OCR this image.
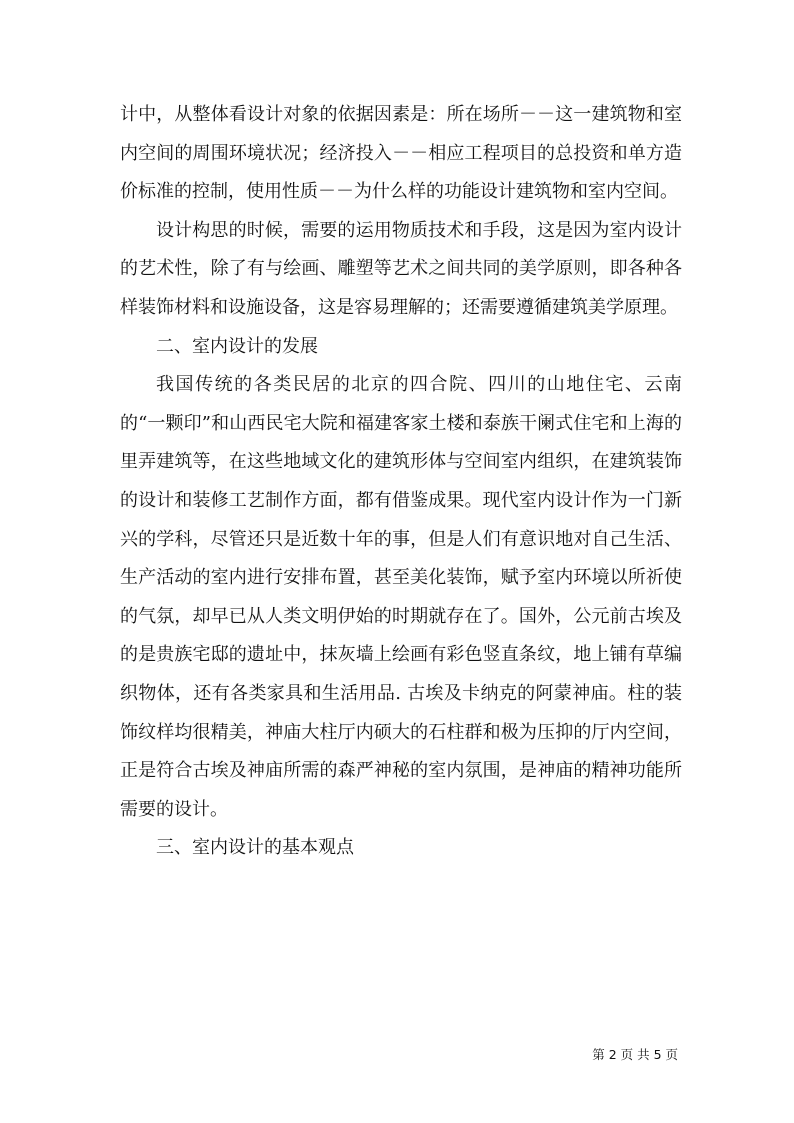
计中，从整体看设计对象的依据因素是：所在场所－－这一建筑物和室内空间的周围环境状况；经济投入－－相应工程项目的总投资和单方造价标准的控制，使用性质－－为什么样的功能设计建筑物和室内空间。

设计构思的时候，需要的运用物质技术和手段，这是因为室内设计的艺术性，除了有与绘画、雕塑等艺术之间共同的美学原则，即各种各样装饰材料和设施设备，这是容易理解的；还需要遵循建筑美学原理。

二、室内设计的发展

我国传统的各类民居的北京的四合院、四川的山地住宅、云南的“一颗印”和山西民宅大院和福建客家土楼和泰族干阑式住宅和上海的里弄建筑等，在这些地域文化的建筑形体与空间室内组织，在建筑装饰的设计和装修工艺制作方面，都有借鉴成果。现代室内设计作为一门新兴的学科，尽管还只是近数十年的事，但是人们有意识地对自己生活、生产活动的室内进行安排布置，甚至美化装饰，赋予室内环境以所祈使的气氛，却早已从人类文明伊始的时期就存在了。国外，公元前古埃及的是贵族宅邸的遗址中，抹灰墙上绘画有彩色竖直条纹，地上铺有草编织物体，还有各类家具和生活用品. 古埃及卡纳克的阿蒙神庙。柱的装饰纹样均很精美，神庙大柱厅内硕大的石柱群和极为压抑的厅内空间，正是符合古埃及神庙所需的森严神秘的室内氛围，是神庙的精神功能所需要的设计。

三、室内设计的基本观点

第 2 页 共 5 页
